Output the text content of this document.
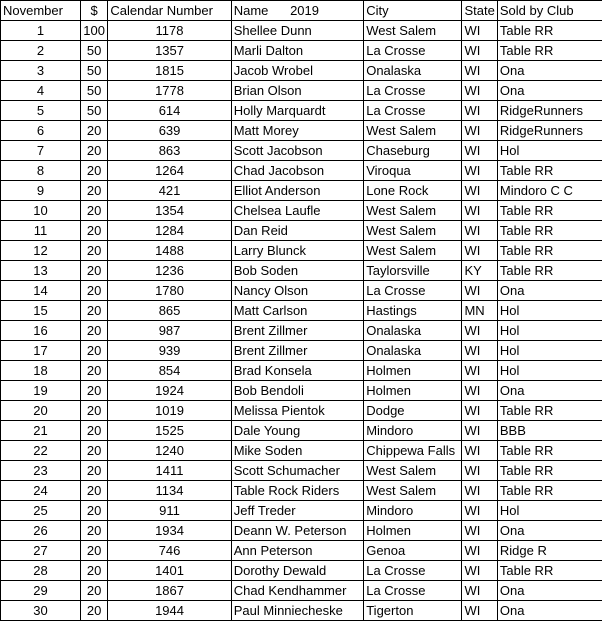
November	$	Calendar Number	Name      2019	City	State	Sold by Club
1	100	1178	Shellee Dunn	West Salem	WI	Table RR
2	50	1357	Marli Dalton	La Crosse	WI	Table RR
3	50	1815	Jacob Wrobel	Onalaska	WI	Ona
4	50	1778	Brian Olson	La Crosse	WI	Ona
5	50	614	Holly Marquardt	La Crosse	WI	RidgeRunners
6	20	639	Matt Morey	West Salem	WI	RidgeRunners
7	20	863	Scott Jacobson	Chaseburg	WI	Hol
8	20	1264	Chad Jacobson	Viroqua	WI	Table RR
9	20	421	Elliot Anderson	Lone Rock	WI	Mindoro C C
10	20	1354	Chelsea Laufle	West Salem	WI	Table RR
11	20	1284	Dan Reid	West Salem	WI	Table RR
12	20	1488	Larry Blunck	West Salem	WI	Table RR
13	20	1236	Bob Soden	Taylorsville	KY	Table RR
14	20	1780	Nancy Olson	La Crosse	WI	Ona
15	20	865	Matt Carlson	Hastings	MN	Hol
16	20	987	Brent Zillmer	Onalaska	WI	Hol
17	20	939	Brent Zillmer	Onalaska	WI	Hol
18	20	854	Brad Konsela	Holmen	WI	Hol
19	20	1924	Bob Bendoli	Holmen	WI	Ona
20	20	1019	Melissa Pientok	Dodge	WI	Table RR
21	20	1525	Dale Young	Mindoro	WI	BBB
22	20	1240	Mike Soden	Chippewa Falls	WI	Table RR
23	20	1411	Scott Schumacher	West Salem	WI	Table RR
24	20	1134	Table Rock Riders	West Salem	WI	Table RR
25	20	911	Jeff Treder	Mindoro	WI	Hol
26	20	1934	Deann W. Peterson	Holmen	WI	Ona
27	20	746	Ann Peterson	Genoa	WI	Ridge R
28	20	1401	Dorothy Dewald	La Crosse	WI	Table RR
29	20	1867	Chad Kendhammer	La Crosse	WI	Ona
30	20	1944	Paul Minniecheske	Tigerton	WI	Ona
